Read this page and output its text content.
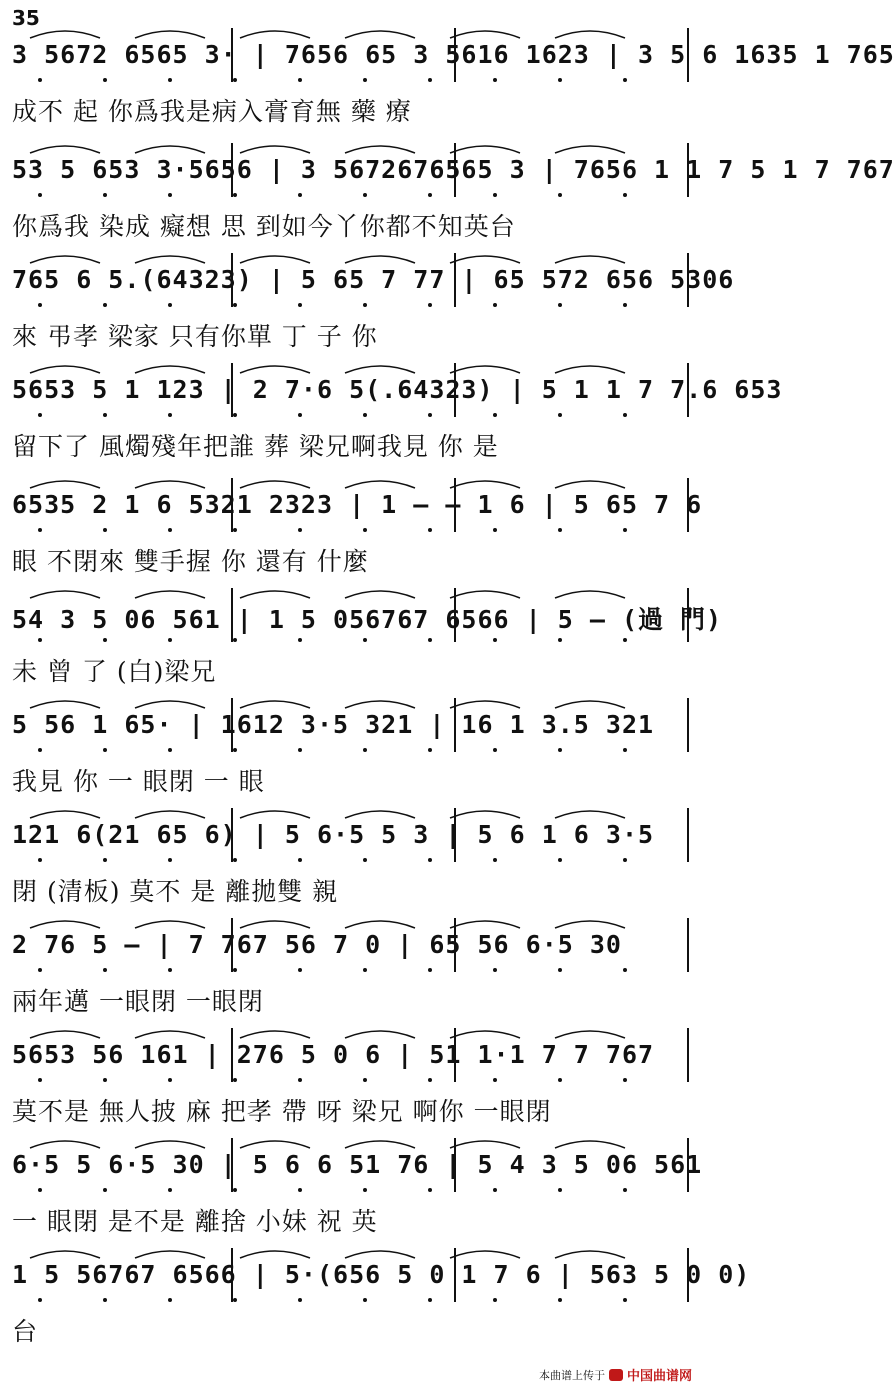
35
3 5672 6565 3· | 7656 65 3 5616 1623 | 3 5 6 1635 1 765
成不 起 你爲我是病入膏育無 藥 療
53 5 653 3·5656 | 3 5672676565 3 | 7656 1 1 7 5 1 7 767
你爲我 染成 癡想 思 到如今丫你都不知英台
765 6 5.(64323) | 5 65 7 77 | 65 572 656 5306
來 弔孝 梁家 只有你單 丁 子 你
5653 5 1 123 | 2 7·6 5(.64323) | 5 1 1 7 7.6 653
留下了 風燭殘年把誰 葬 梁兄啊我見 你 是
6535 2 1 6 5321 2323 | 1 — — 1 6 | 5 65 7 6
眼 不閉來 雙手握 你 還有 什麼
54 3 5 06 561 | 1 5 056767 6566 | 5 — (過 門)
未 曾 了 (白)梁兄
5 56 1 65· | 1612 3·5 321 | 16 1 3.5 321
我見 你 一 眼閉 一 眼
121 6(21 65 6) | 5 6·5 5 3 | 5 6 1 6 3·5
閉 (清板) 莫不 是 離拋雙 親
2 76 5 — | 7 767 56 7 0 | 65 56 6·5 30
兩年邁 一眼閉 一眼閉
5653 56 161 | 276 5 0 6 | 51 1·1 7 7 767
莫不是 無人披 麻 把孝 帶 呀 梁兄 啊你 一眼閉
6·5 5 6·5 30 | 5 6 6 51 76 | 5 4 3 5 06 561
一 眼閉 是不是 離捨 小妹 祝 英
1 5 56767 6566 | 5·(656 5 0 1 7 6 | 563 5 0 0)
台
本曲谱上传于 中国曲谱网
